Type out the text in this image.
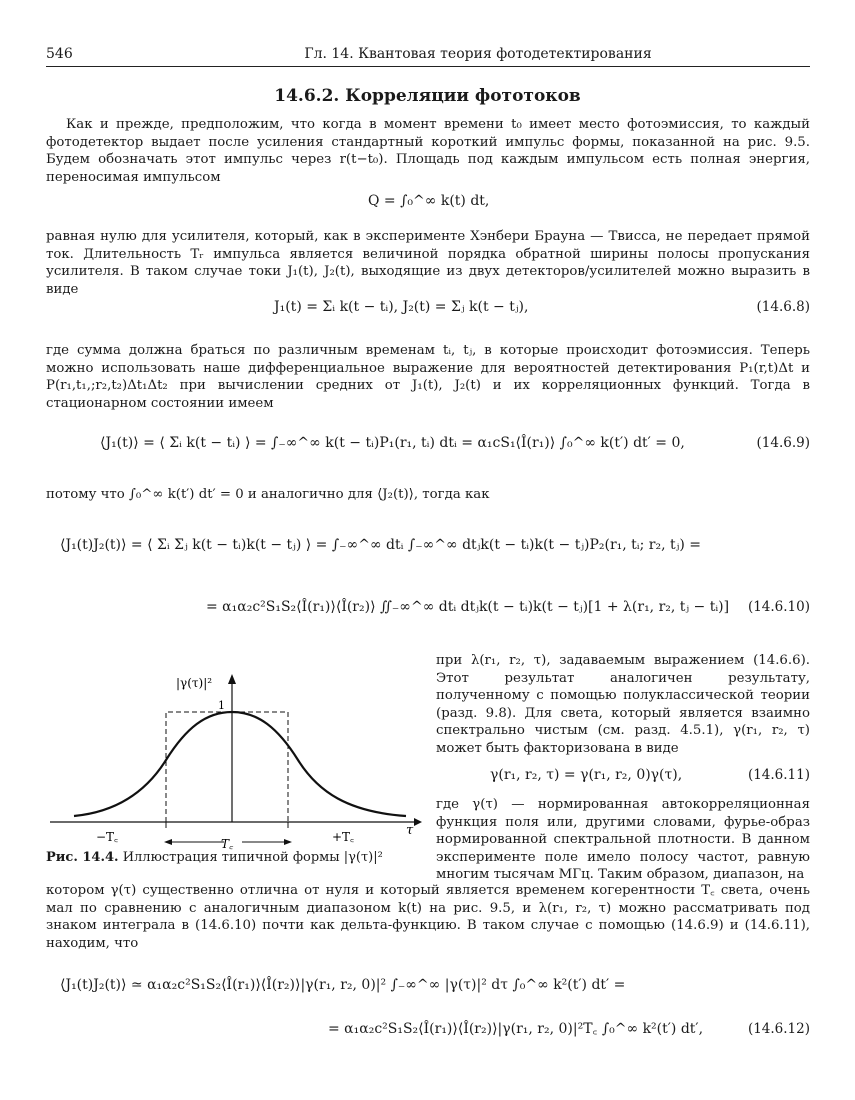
546	Гл. 14. Квантовая теория фотодетектирования
14.6.2. Корреляции фототоков
Как и прежде, предположим, что когда в момент времени t₀ имеет место фотоэмиссия, то каждый фотодетектор выдает после усиления стандартный короткий импульс формы, показанной на рис. 9.5. Будем обозначать этот импульс через r(t−t₀). Площадь под каждым импульсом есть полная энергия, переносимая импульсом
Q = ∫₀^∞ k(t) dt,
равная нулю для усилителя, который, как в эксперименте Хэнбери Брауна — Твисса, не передает прямой ток. Длительность Tᵣ импульса является величиной порядка обратной ширины полосы пропускания усилителя. В таком случае токи J₁(t), J₂(t), выходящие из двух детекторов/усилителей можно выразить в виде
J₁(t) = Σᵢ k(t − tᵢ), J₂(t) = Σⱼ k(t − tⱼ),	(14.6.8)
где сумма должна браться по различным временам tᵢ, tⱼ, в которые происходит фотоэмиссия. Теперь можно использовать наше дифференциальное выражение для вероятностей детектирования P₁(r,t)Δt и P(r₁,t₁,;r₂,t₂)Δt₁Δt₂ при вычислении средних от J₁(t), J₂(t) и их корреляционных функций. Тогда в стационарном состоянии имеем
⟨J₁(t)⟩ = ⟨ Σᵢ k(t − tᵢ) ⟩ = ∫₋∞^∞ k(t − tᵢ)P₁(r₁, tᵢ) dtᵢ = α₁cS₁⟨Î(r₁)⟩ ∫₀^∞ k(t′) dt′ = 0,	(14.6.9)
потому что ∫₀^∞ k(t′) dt′ = 0 и аналогично для ⟨J₂(t)⟩, тогда как
⟨J₁(t)J₂(t)⟩ = ⟨ Σᵢ Σⱼ k(t − tᵢ)k(t − tⱼ) ⟩ = ∫₋∞^∞ dtᵢ ∫₋∞^∞ dtⱼk(t − tᵢ)k(t − tⱼ)P₂(r₁, tᵢ; r₂, tⱼ) =
= α₁α₂c²S₁S₂⟨Î(r₁)⟩⟨Î(r₂)⟩ ∬₋∞^∞ dtᵢ dtⱼk(t − tᵢ)k(t − tⱼ)[1 + λ(r₁, r₂, tⱼ − tᵢ)] (14.6.10)
|γ(τ)|²
1
τ
−T꜀	+T꜀
T꜀
Рис. 14.4. Иллюстрация типичной формы |γ(τ)|²
при λ(r₁, r₂, τ), задаваемым выражением (14.6.6). Этот результат аналогичен результату, полученному с помощью полуклассической теории (разд. 9.8). Для света, который является взаимно спектрально чистым (см. разд. 4.5.1), γ(r₁, r₂, τ) может быть факторизована в виде
γ(r₁, r₂, τ) = γ(r₁, r₂, 0)γ(τ),	(14.6.11)
где γ(τ) — нормированная автокорреляционная функция поля или, другими словами, фурье-образ нормированной спектральной плотности. В данном эксперименте поле имело полосу частот, равную многим тысячам МГц. Таким образом, диапазон, на
котором γ(τ) существенно отлична от нуля и который является временем когерентности T꜀ света, очень мал по сравнению с аналогичным диапазоном k(t) на рис. 9.5, и λ(r₁, r₂, τ) можно рассматривать под знаком интеграла в (14.6.10) почти как дельта-функцию. В таком случае с помощью (14.6.9) и (14.6.11), находим, что
⟨J₁(t)J₂(t)⟩ ≃ α₁α₂c²S₁S₂⟨Î(r₁)⟩⟨Î(r₂)⟩|γ(r₁, r₂, 0)|² ∫₋∞^∞ |γ(τ)|² dτ ∫₀^∞ k²(t′) dt′ =
= α₁α₂c²S₁S₂⟨Î(r₁)⟩⟨Î(r₂)⟩|γ(r₁, r₂, 0)|²T꜀ ∫₀^∞ k²(t′) dt′,	(14.6.12)
